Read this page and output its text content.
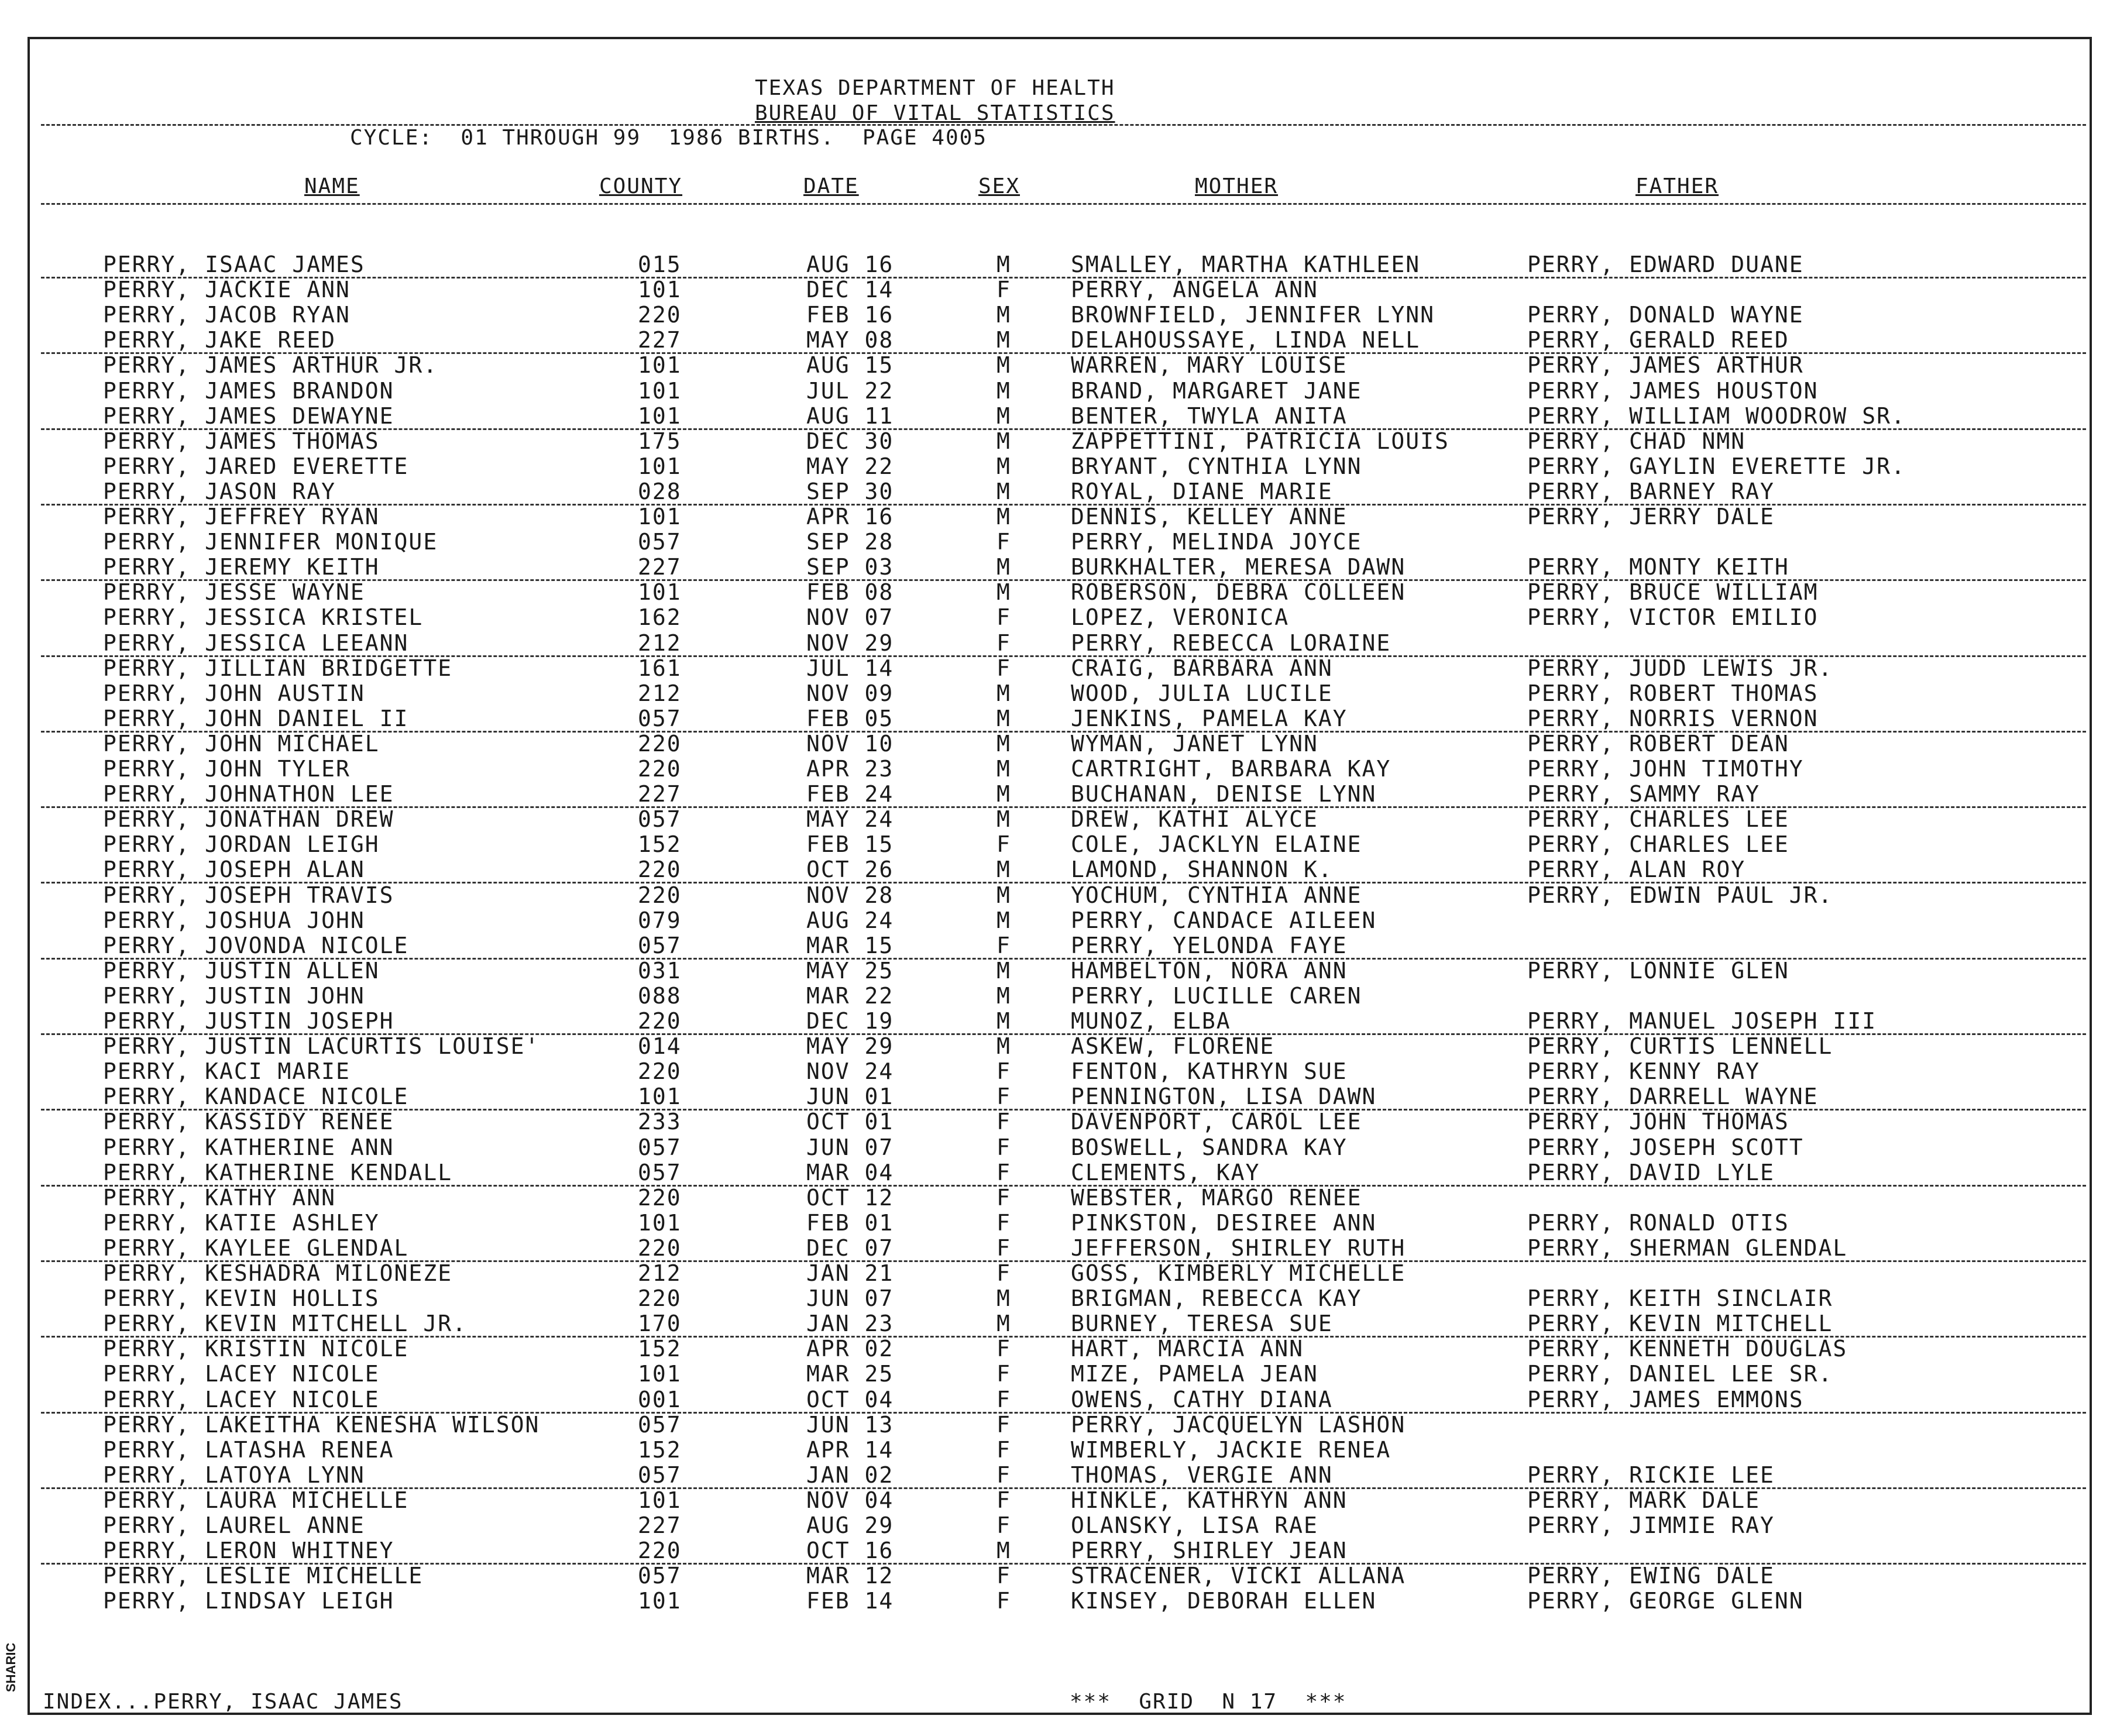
SHARIC
TEXAS DEPARTMENT OF HEALTH
BUREAU OF VITAL STATISTICS
CYCLE:  01 THROUGH 99  1986 BIRTHS.  PAGE 4005
NAME	COUNTY	DATE	SEX	MOTHER	FATHER
PERRY, ISAAC JAMES	015	AUG 16	M	SMALLEY, MARTHA KATHLEEN	PERRY, EDWARD DUANE
PERRY, JACKIE ANN	101	DEC 14	F	PERRY, ANGELA ANN
PERRY, JACOB RYAN	220	FEB 16	M	BROWNFIELD, JENNIFER LYNN	PERRY, DONALD WAYNE
PERRY, JAKE REED	227	MAY 08	M	DELAHOUSSAYE, LINDA NELL	PERRY, GERALD REED
PERRY, JAMES ARTHUR JR.	101	AUG 15	M	WARREN, MARY LOUISE	PERRY, JAMES ARTHUR
PERRY, JAMES BRANDON	101	JUL 22	M	BRAND, MARGARET JANE	PERRY, JAMES HOUSTON
PERRY, JAMES DEWAYNE	101	AUG 11	M	BENTER, TWYLA ANITA	PERRY, WILLIAM WOODROW SR.
PERRY, JAMES THOMAS	175	DEC 30	M	ZAPPETTINI, PATRICIA LOUIS	PERRY, CHAD NMN
PERRY, JARED EVERETTE	101	MAY 22	M	BRYANT, CYNTHIA LYNN	PERRY, GAYLIN EVERETTE JR.
PERRY, JASON RAY	028	SEP 30	M	ROYAL, DIANE MARIE	PERRY, BARNEY RAY
PERRY, JEFFREY RYAN	101	APR 16	M	DENNIS, KELLEY ANNE	PERRY, JERRY DALE
PERRY, JENNIFER MONIQUE	057	SEP 28	F	PERRY, MELINDA JOYCE
PERRY, JEREMY KEITH	227	SEP 03	M	BURKHALTER, MERESA DAWN	PERRY, MONTY KEITH
PERRY, JESSE WAYNE	101	FEB 08	M	ROBERSON, DEBRA COLLEEN	PERRY, BRUCE WILLIAM
PERRY, JESSICA KRISTEL	162	NOV 07	F	LOPEZ, VERONICA	PERRY, VICTOR EMILIO
PERRY, JESSICA LEEANN	212	NOV 29	F	PERRY, REBECCA LORAINE
PERRY, JILLIAN BRIDGETTE	161	JUL 14	F	CRAIG, BARBARA ANN	PERRY, JUDD LEWIS JR.
PERRY, JOHN AUSTIN	212	NOV 09	M	WOOD, JULIA LUCILE	PERRY, ROBERT THOMAS
PERRY, JOHN DANIEL II	057	FEB 05	M	JENKINS, PAMELA KAY	PERRY, NORRIS VERNON
PERRY, JOHN MICHAEL	220	NOV 10	M	WYMAN, JANET LYNN	PERRY, ROBERT DEAN
PERRY, JOHN TYLER	220	APR 23	M	CARTRIGHT, BARBARA KAY	PERRY, JOHN TIMOTHY
PERRY, JOHNATHON LEE	227	FEB 24	M	BUCHANAN, DENISE LYNN	PERRY, SAMMY RAY
PERRY, JONATHAN DREW	057	MAY 24	M	DREW, KATHI ALYCE	PERRY, CHARLES LEE
PERRY, JORDAN LEIGH	152	FEB 15	F	COLE, JACKLYN ELAINE	PERRY, CHARLES LEE
PERRY, JOSEPH ALAN	220	OCT 26	M	LAMOND, SHANNON K.	PERRY, ALAN ROY
PERRY, JOSEPH TRAVIS	220	NOV 28	M	YOCHUM, CYNTHIA ANNE	PERRY, EDWIN PAUL JR.
PERRY, JOSHUA JOHN	079	AUG 24	M	PERRY, CANDACE AILEEN
PERRY, JOVONDA NICOLE	057	MAR 15	F	PERRY, YELONDA FAYE
PERRY, JUSTIN ALLEN	031	MAY 25	M	HAMBELTON, NORA ANN	PERRY, LONNIE GLEN
PERRY, JUSTIN JOHN	088	MAR 22	M	PERRY, LUCILLE CAREN
PERRY, JUSTIN JOSEPH	220	DEC 19	M	MUNOZ, ELBA	PERRY, MANUEL JOSEPH III
PERRY, JUSTIN LACURTIS LOUISE'	014	MAY 29	M	ASKEW, FLORENE	PERRY, CURTIS LENNELL
PERRY, KACI MARIE	220	NOV 24	F	FENTON, KATHRYN SUE	PERRY, KENNY RAY
PERRY, KANDACE NICOLE	101	JUN 01	F	PENNINGTON, LISA DAWN	PERRY, DARRELL WAYNE
PERRY, KASSIDY RENEE	233	OCT 01	F	DAVENPORT, CAROL LEE	PERRY, JOHN THOMAS
PERRY, KATHERINE ANN	057	JUN 07	F	BOSWELL, SANDRA KAY	PERRY, JOSEPH SCOTT
PERRY, KATHERINE KENDALL	057	MAR 04	F	CLEMENTS, KAY	PERRY, DAVID LYLE
PERRY, KATHY ANN	220	OCT 12	F	WEBSTER, MARGO RENEE
PERRY, KATIE ASHLEY	101	FEB 01	F	PINKSTON, DESIREE ANN	PERRY, RONALD OTIS
PERRY, KAYLEE GLENDAL	220	DEC 07	F	JEFFERSON, SHIRLEY RUTH	PERRY, SHERMAN GLENDAL
PERRY, KESHADRA MILONEZE	212	JAN 21	F	GOSS, KIMBERLY MICHELLE
PERRY, KEVIN HOLLIS	220	JUN 07	M	BRIGMAN, REBECCA KAY	PERRY, KEITH SINCLAIR
PERRY, KEVIN MITCHELL JR.	170	JAN 23	M	BURNEY, TERESA SUE	PERRY, KEVIN MITCHELL
PERRY, KRISTIN NICOLE	152	APR 02	F	HART, MARCIA ANN	PERRY, KENNETH DOUGLAS
PERRY, LACEY NICOLE	101	MAR 25	F	MIZE, PAMELA JEAN	PERRY, DANIEL LEE SR.
PERRY, LACEY NICOLE	001	OCT 04	F	OWENS, CATHY DIANA	PERRY, JAMES EMMONS
PERRY, LAKEITHA KENESHA WILSON	057	JUN 13	F	PERRY, JACQUELYN LASHON
PERRY, LATASHA RENEA	152	APR 14	F	WIMBERLY, JACKIE RENEA
PERRY, LATOYA LYNN	057	JAN 02	F	THOMAS, VERGIE ANN	PERRY, RICKIE LEE
PERRY, LAURA MICHELLE	101	NOV 04	F	HINKLE, KATHRYN ANN	PERRY, MARK DALE
PERRY, LAUREL ANNE	227	AUG 29	F	OLANSKY, LISA RAE	PERRY, JIMMIE RAY
PERRY, LERON WHITNEY	220	OCT 16	M	PERRY, SHIRLEY JEAN
PERRY, LESLIE MICHELLE	057	MAR 12	F	STRACENER, VICKI ALLANA	PERRY, EWING DALE
PERRY, LINDSAY LEIGH	101	FEB 14	F	KINSEY, DEBORAH ELLEN	PERRY, GEORGE GLENN
INDEX...PERRY, ISAAC JAMES	***  GRID  N 17  ***
